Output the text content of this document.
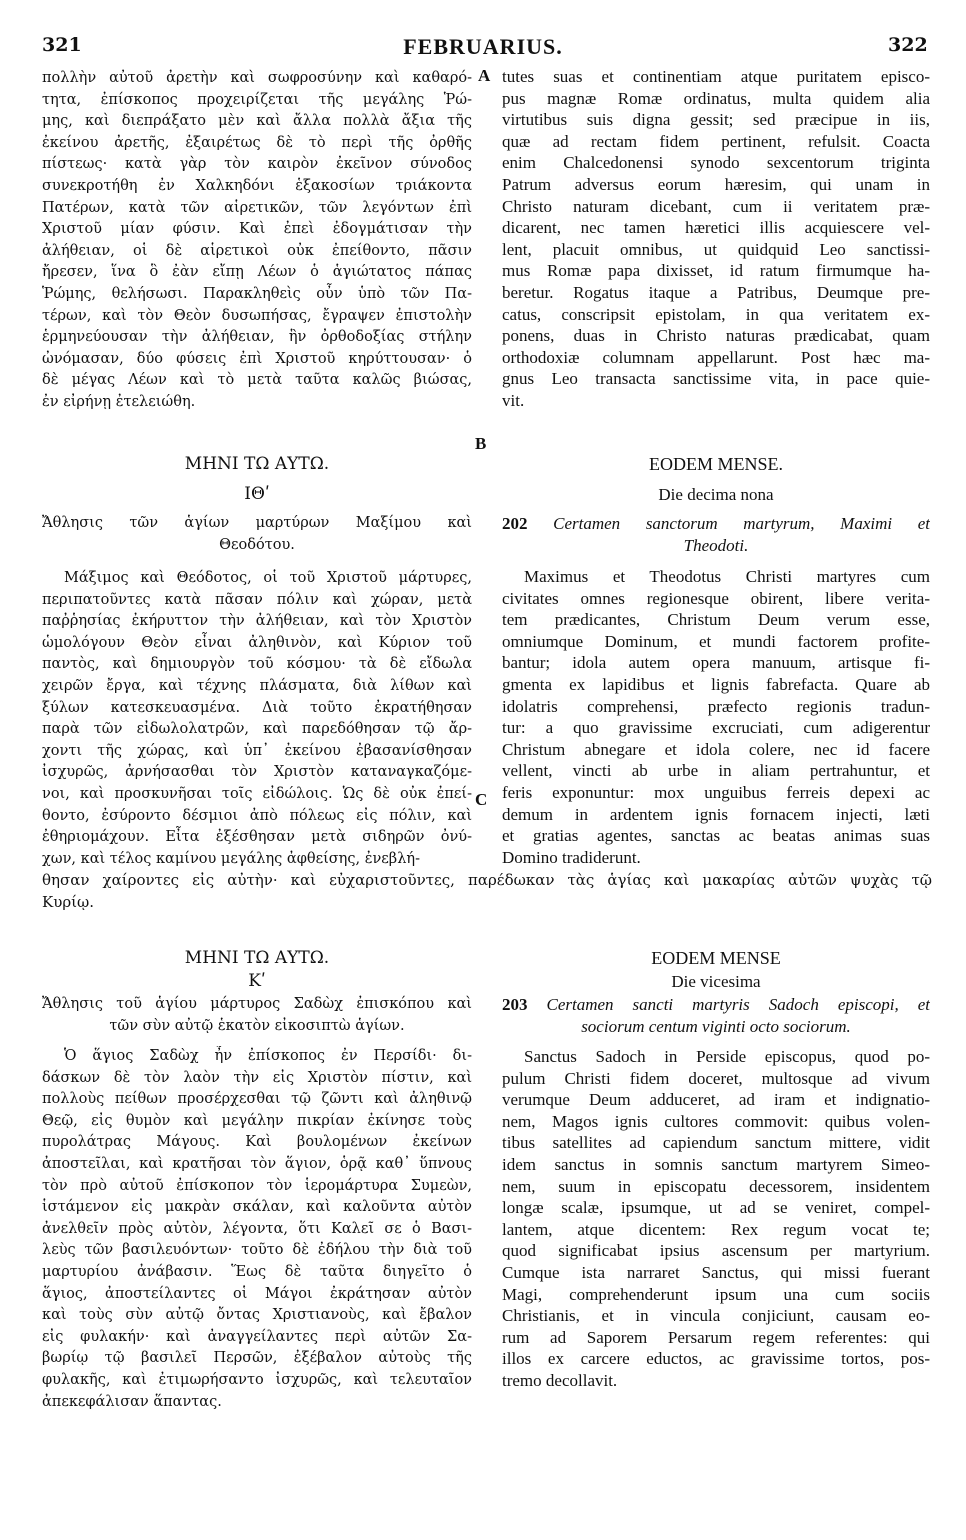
321	FEBRUARIUS.	322
A
B
C
πολλὴν αὐτοῦ ἀρετὴν καὶ σωφροσύνην καὶ καθαρό-
τητα, ἐπίσκοπος προχειρίζεται τῆς μεγάλης Ῥώ-
μης, καὶ διεπράξατο μὲν καὶ ἄλλα πολλὰ ἄξια τῆς
ἐκείνου ἀρετῆς, ἐξαιρέτως δὲ τὸ περὶ τῆς ὀρθῆς
πίστεως· κατὰ γὰρ τὸν καιρὸν ἐκεῖνον σύνοδος
συνεκροτήθη ἐν Χαλκηδόνι ἑξακοσίων τριάκοντα
Πατέρων, κατὰ τῶν αἱρετικῶν, τῶν λεγόντων ἐπὶ
Χριστοῦ μίαν φύσιν. Καὶ ἐπεὶ ἐδογμάτισαν τὴν
ἀλήθειαν, οἱ δὲ αἱρετικοὶ οὐκ ἐπείθοντο, πᾶσιν
ἤρεσεν, ἵνα ὃ ἐὰν εἴπῃ Λέων ὁ ἁγιώτατος πάπας
Ῥώμης, θελήσωσι. Παρακληθεὶς οὖν ὑπὸ τῶν Πα-
τέρων, καὶ τὸν Θεὸν δυσωπήσας, ἔγραψεν ἐπιστολὴν
ἑρμηνεύουσαν τὴν ἀλήθειαν, ἣν ὀρθοδοξίας στήλην
ὠνόμασαν, δύο φύσεις ἐπὶ Χριστοῦ κηρύττουσαν· ὁ
δὲ μέγας Λέων καὶ τὸ μετὰ ταῦτα καλῶς βιώσας,
ἐν εἰρήνῃ ἐτελειώθη.
tutes suas et continentiam atque puritatem episco-
pus magnæ Romæ ordinatus, multa quidem alia
virtutibus suis digna gessit; sed præcipue in iis,
quæ ad rectam fidem pertinent, refulsit. Coacta
enim Chalcedonensi synodo sexcentorum triginta
Patrum adversus eorum hæresim, qui unam in
Christo naturam dicebant, cum ii veritatem præ-
dicarent, nec tamen hæretici illis acquiescere vel-
lent, placuit omnibus, ut quidquid Leo sanctissi-
mus Romæ papa dixisset, id ratum firmumque ha-
beretur. Rogatus itaque a Patribus, Deumque pre-
catus, conscripsit epistolam, in qua veritatem ex-
ponens, duas in Christo naturas prædicabat, quam
orthodoxiæ columnam appellarunt. Post hæc ma-
gnus Leo transacta sanctissime vita, in pace quie-
vit.
ΜΗΝΙ ΤΩ ΑΥΤΩ.
ΙΘʹ
Ἄθλησις τῶν ἁγίων μαρτύρων Μαξίμου καὶ
Θεοδότου.
Μάξιμος καὶ Θεόδοτος, οἱ τοῦ Χριστοῦ μάρτυρες,
περιπατοῦντες κατὰ πᾶσαν πόλιν καὶ χώραν, μετὰ
παῤῥησίας ἐκήρυττον τὴν ἀλήθειαν, καὶ τὸν Χριστὸν
ὡμολόγουν Θεὸν εἶναι ἀληθινὸν, καὶ Κύριον τοῦ
παντὸς, καὶ δημιουργὸν τοῦ κόσμου· τὰ δὲ εἴδωλα
χειρῶν ἔργα, καὶ τέχνης πλάσματα, διὰ λίθων καὶ
ξύλων κατεσκευασμένα. Διὰ τοῦτο ἐκρατήθησαν
παρὰ τῶν εἰδωλολατρῶν, καὶ παρεδόθησαν τῷ ἄρ-
χοντι τῆς χώρας, καὶ ὑπ᾽ ἐκείνου ἐβασανίσθησαν
ἰσχυρῶς, ἀρνήσασθαι τὸν Χριστὸν καταναγκαζόμε-
νοι, καὶ προσκυνῆσαι τοῖς εἰδώλοις. Ὡς δὲ οὐκ ἐπεί-
θοντο, ἐσύροντο δέσμιοι ἀπὸ πόλεως εἰς πόλιν, καὶ
ἐθηριομάχουν. Εἶτα ἐξέσθησαν μετὰ σιδηρῶν ὀνύ-
χων, καὶ τέλος καμίνου μεγάλης ἀφθείσης, ἐνεβλή-
EODEM MENSE.
Die decima nona
202 Certamen sanctorum martyrum, Maximi et
Theodoti.
Maximus et Theodotus Christi martyres cum
civitates omnes regionesque obirent, libere verita-
tem prædicantes, Christum Deum verum esse,
omniumque Dominum, et mundi factorem profite-
bantur; idola autem opera manuum, artisque fi-
gmenta ex lapidibus et lignis fabrefacta. Quare ab
idolatris comprehensi, præfecto regionis tradun-
tur: a quo gravissime excruciati, cum adigerentur
Christum abnegare et idola colere, nec id facere
vellent, vincti ab urbe in aliam pertrahuntur, et
feris exponuntur: mox unguibus ferreis depexi ac
demum in ardentem ignis fornacem injecti, læti
et gratias agentes, sanctas ac beatas animas suas
Domino tradiderunt.
θησαν χαίροντες εἰς αὐτὴν· καὶ εὐχαριστοῦντες, παρέδωκαν τὰς ἁγίας καὶ μακαρίας αὐτῶν ψυχὰς τῷ
Κυρίῳ.
ΜΗΝΙ ΤΩ ΑΥΤΩ.
Κʹ
Ἄθλησις τοῦ ἁγίου μάρτυρος Σαδὼχ ἐπισκόπου καὶ
τῶν σὺν αὐτῷ ἑκατὸν εἰκοσιπτὼ ἁγίων.
Ὁ ἅγιος Σαδὼχ ἦν ἐπίσκοπος ἐν Περσίδι· δι-
δάσκων δὲ τὸν λαὸν τὴν εἰς Χριστὸν πίστιν, καὶ
πολλοὺς πείθων προσέρχεσθαι τῷ ζῶντι καὶ ἀληθινῷ
Θεῷ, εἰς θυμὸν καὶ μεγάλην πικρίαν ἐκίνησε τοὺς
πυρολάτρας Μάγους. Καὶ βουλομένων ἐκείνων
ἀποστεῖλαι, καὶ κρατῆσαι τὸν ἅγιον, ὁρᾷ καθ᾽ ὕπνους
τὸν πρὸ αὐτοῦ ἐπίσκοπον τὸν ἱερομάρτυρα Συμεὼν,
ἱστάμενον εἰς μακρὰν σκάλαν, καὶ καλοῦντα αὐτὸν
ἀνελθεῖν πρὸς αὐτὸν, λέγοντα, ὅτι Καλεῖ σε ὁ Βασι-
λεὺς τῶν βασιλευόντων· τοῦτο δὲ ἐδήλου τὴν διὰ τοῦ
μαρτυρίου ἀνάβασιν. Ἕως δὲ ταῦτα διηγεῖτο ὁ
ἅγιος, ἀποστείλαντες οἱ Μάγοι ἐκράτησαν αὐτὸν
καὶ τοὺς σὺν αὐτῷ ὄντας Χριστιανοὺς, καὶ ἔβαλον
εἰς φυλακήν· καὶ ἀναγγείλαντες περὶ αὐτῶν Σα-
βωρίῳ τῷ βασιλεῖ Περσῶν, ἐξέβαλον αὐτοὺς τῆς
φυλακῆς, καὶ ἐτιμωρήσαντο ἰσχυρῶς, καὶ τελευταῖον
ἀπεκεφάλισαν ἅπαντας.
EODEM MENSE
Die vicesima
203 Certamen sancti martyris Sadoch episcopi, et
sociorum centum viginti octo sociorum.
Sanctus Sadoch in Perside episcopus, quod po-
pulum Christi fidem doceret, multosque ad vivum
verumque Deum adduceret, ad iram et indignatio-
nem, Magos ignis cultores commovit: quibus volen-
tibus satellites ad capiendum sanctum mittere, vidit
idem sanctus in somnis sanctum martyrem Simeo-
nem, suum in episcopatu decessorem, insidentem
longæ scalæ, ipsumque, ut ad se veniret, compel-
lantem, atque dicentem: Rex regum vocat te;
quod significabat ipsius ascensum per martyrium.
Cumque ista narraret Sanctus, qui missi fuerant
Magi, comprehenderunt ipsum una cum sociis
Christianis, et in vincula conjiciunt, causam eo-
rum ad Saporem Persarum regem referentes: qui
illos ex carcere eductos, ac gravissime tortos, pos-
tremo decollavit.
